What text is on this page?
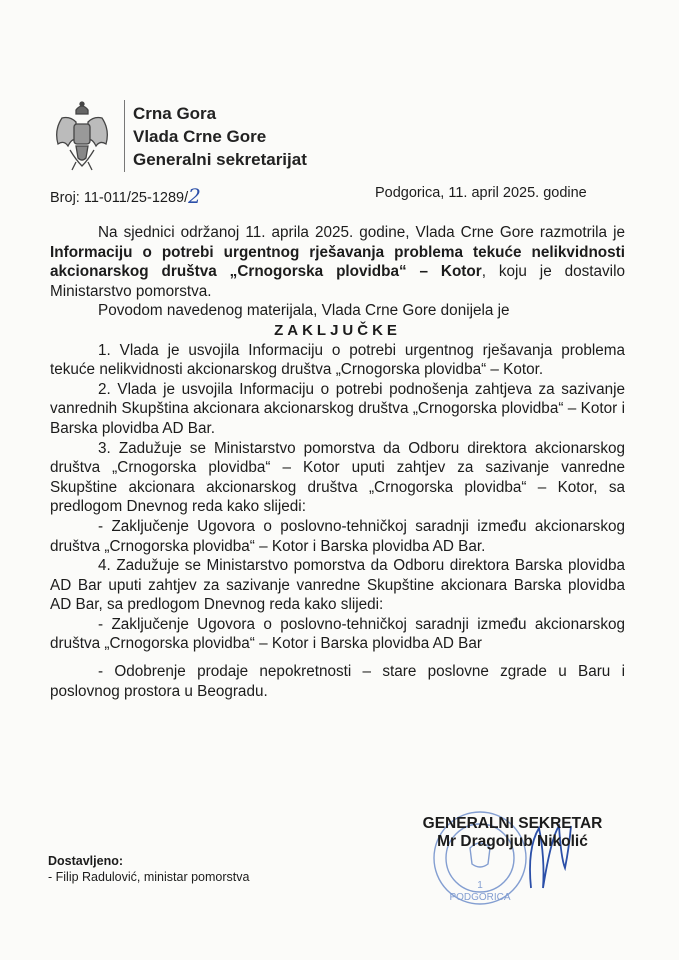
Crna Gora
Vlada Crne Gore
Generalni sekretarijat
Broj: 11-011/25-1289/2	Podgorica, 11. april 2025. godine

Na sjednici održanoj 11. aprila 2025. godine, Vlada Crne Gore razmotrila je Informaciju o potrebi urgentnog rješavanja problema tekuće nelikvidnosti akcionarskog društva „Crnogorska plovidba“ – Kotor, koju je dostavilo Ministarstvo pomorstva.

Povodom navedenog materijala, Vlada Crne Gore donijela je

ZAKLJUČKE

1. Vlada je usvojila Informaciju o potrebi urgentnog rješavanja problema tekuće nelikvidnosti akcionarskog društva „Crnogorska plovidba“ – Kotor.

2. Vlada je usvojila Informaciju o potrebi podnošenja zahtjeva za sazivanje vanrednih Skupština akcionara akcionarskog društva „Crnogorska plovidba“ – Kotor i Barska plovidba AD Bar.

3. Zadužuje se Ministarstvo pomorstva da Odboru direktora akcionarskog društva „Crnogorska plovidba“ – Kotor uputi zahtjev za sazivanje vanredne Skupštine akcionara akcionarskog društva „Crnogorska plovidba“ – Kotor, sa predlogom Dnevnog reda kako slijedi:

- Zaključenje Ugovora o poslovno-tehničkoj saradnji između akcionarskog društva „Crnogorska plovidba“ – Kotor i Barska plovidba AD Bar.

4. Zadužuje se Ministarstvo pomorstva da Odboru direktora Barska plovidba AD Bar uputi zahtjev za sazivanje vanredne Skupštine akcionara Barska plovidba AD Bar, sa predlogom Dnevnog reda kako slijedi:

- Zaključenje Ugovora o poslovno-tehničkoj saradnji između akcionarskog društva „Crnogorska plovidba“ – Kotor i Barska plovidba AD Bar

- Odobrenje prodaje nepokretnosti – stare poslovne zgrade u Baru i poslovnog prostora u Beogradu.

1
PODGORICA
GENERALNI SEKRETAR
Mr Dragoljub Nikolić
Dostavljeno:
- Filip Radulović, ministar pomorstva
